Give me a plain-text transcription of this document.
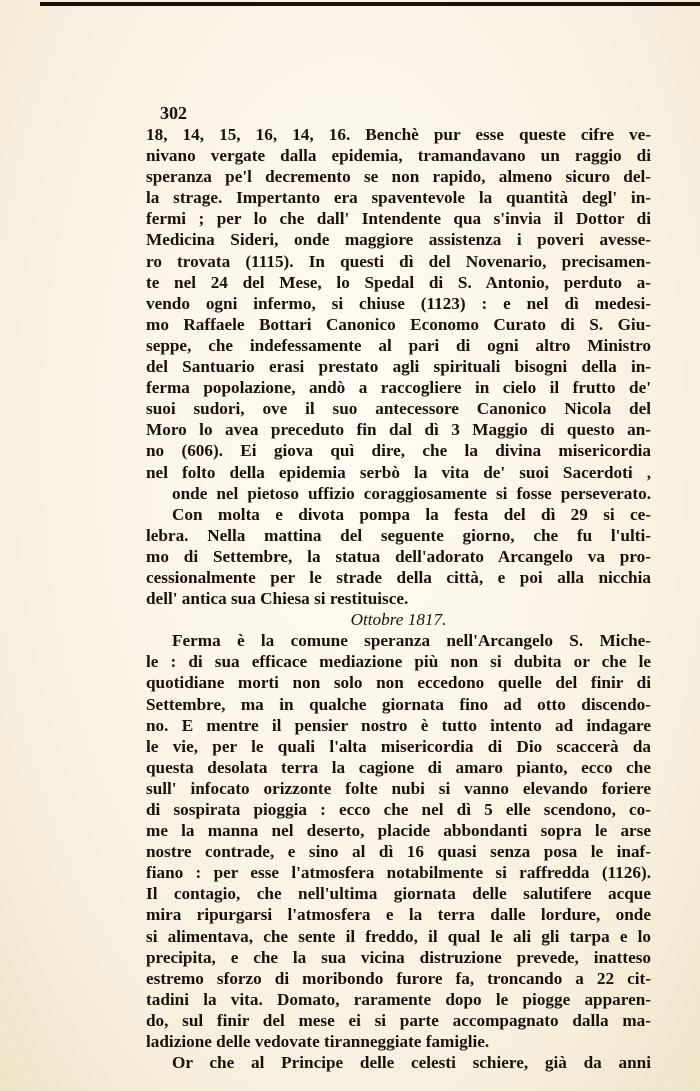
302
18, 14, 15, 16, 14, 16. Benchè pur esse queste cifre ve-
nivano vergate dalla epidemia, tramandavano un raggio di
speranza pe'l decremento se non rapido, almeno sicuro del-
la strage. Impertanto era spaventevole la quantità degl' in-
fermi ; per lo che dall' Intendente qua s'invia il Dottor di
Medicina Sideri, onde maggiore assistenza i poveri avesse-
ro trovata (1115). In questi dì del Novenario, precisamen-
te nel 24 del Mese, lo Spedal di S. Antonio, perduto a-
vendo ogni infermo, si chiuse (1123) : e nel dì medesi-
mo Raffaele Bottari Canonico Economo Curato di S. Giu-
seppe, che indefessamente al pari di ogni altro Ministro
del Santuario erasi prestato agli spirituali bisogni della in-
ferma popolazione, andò a raccogliere in cielo il frutto de'
suoi sudori, ove il suo antecessore Canonico Nicola del
Moro lo avea preceduto fin dal dì 3 Maggio di questo an-
no (606). Ei giova quì dire, che la divina misericordia
nel folto della epidemia serbò la vita de' suoi Sacerdoti ,
onde nel pietoso uffizio coraggiosamente si fosse perseverato.
Con molta e divota pompa la festa del dì 29 si ce-
lebra. Nella mattina del seguente giorno, che fu l'ulti-
mo di Settembre, la statua dell'adorato Arcangelo va pro-
cessionalmente per le strade della città, e poi alla nicchia
dell' antica sua Chiesa si restituisce.
Ottobre 1817.
Ferma è la comune speranza nell'Arcangelo S. Miche-
le : di sua efficace mediazione più non si dubita or che le
quotidiane morti non solo non eccedono quelle del finir di
Settembre, ma in qualche giornata fino ad otto discendo-
no. E mentre il pensier nostro è tutto intento ad indagare
le vie, per le quali l'alta misericordia di Dio scaccerà da
questa desolata terra la cagione di amaro pianto, ecco che
sull' infocato orizzonte folte nubi si vanno elevando foriere
di sospirata pioggia : ecco che nel dì 5 elle scendono, co-
me la manna nel deserto, placide abbondanti sopra le arse
nostre contrade, e sino al dì 16 quasi senza posa le inaf-
fiano : per esse l'atmosfera notabilmente si raffredda (1126).
Il contagio, che nell'ultima giornata delle salutifere acque
mira ripurgarsi l'atmosfera e la terra dalle lordure, onde
si alimentava, che sente il freddo, il qual le ali gli tarpa e lo
precipita, e che la sua vicina distruzione prevede, inatteso
estremo sforzo di moribondo furore fa, troncando a 22 cit-
tadini la vita. Domato, raramente dopo le piogge apparen-
do, sul finir del mese ei si parte accompagnato dalla ma-
ladizione delle vedovate tiranneggiate famiglie.
Or che al Principe delle celesti schiere, già da anni
